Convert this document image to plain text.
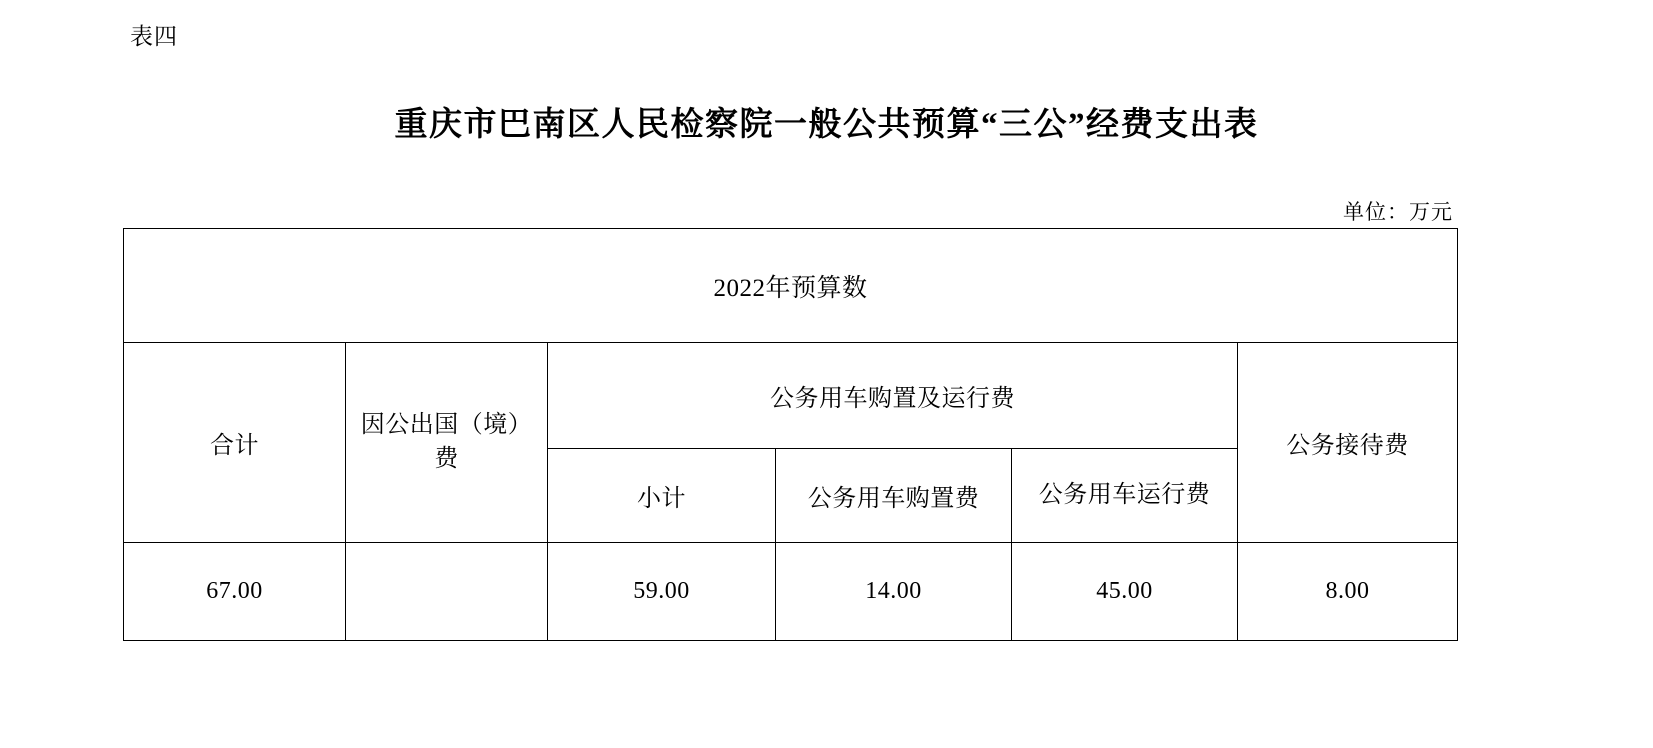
表四
重庆市巴南区人民检察院一般公共预算“三公”经费支出表
单位：万元
2022年预算数					
合计	因公出国（境）费	公务用车购置及运行费			公务接待费
		小计	公务用车购置费	公务用车运行费	
67.00		59.00	14.00	45.00	8.00
